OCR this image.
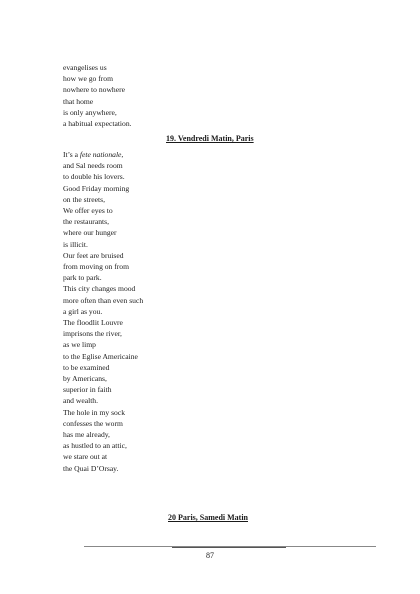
evangelises us
how we go from
nowhere to nowhere
that home
is only anywhere,
a habitual expectation.
19. Vendredi Matin, Paris
It’s a fete nationale,
and Sal needs room
to double his lovers.
Good Friday morning
on the streets,
We offer eyes to
the restaurants,
where our hunger
is illicit.
Our feet are bruised
from moving on from
park to park.
This city changes mood
more often than even such
a girl as you.
The floodlit Louvre
imprisons the river,
as we limp
to the Eglise Americaine
to be examined
by Americans,
superior in faith
and wealth.
The hole in my sock
confesses the worm
has me already,
as hustled to an attic,
we stare out at
the Quai D’Orsay.
20 Paris, Samedi Matin
87
